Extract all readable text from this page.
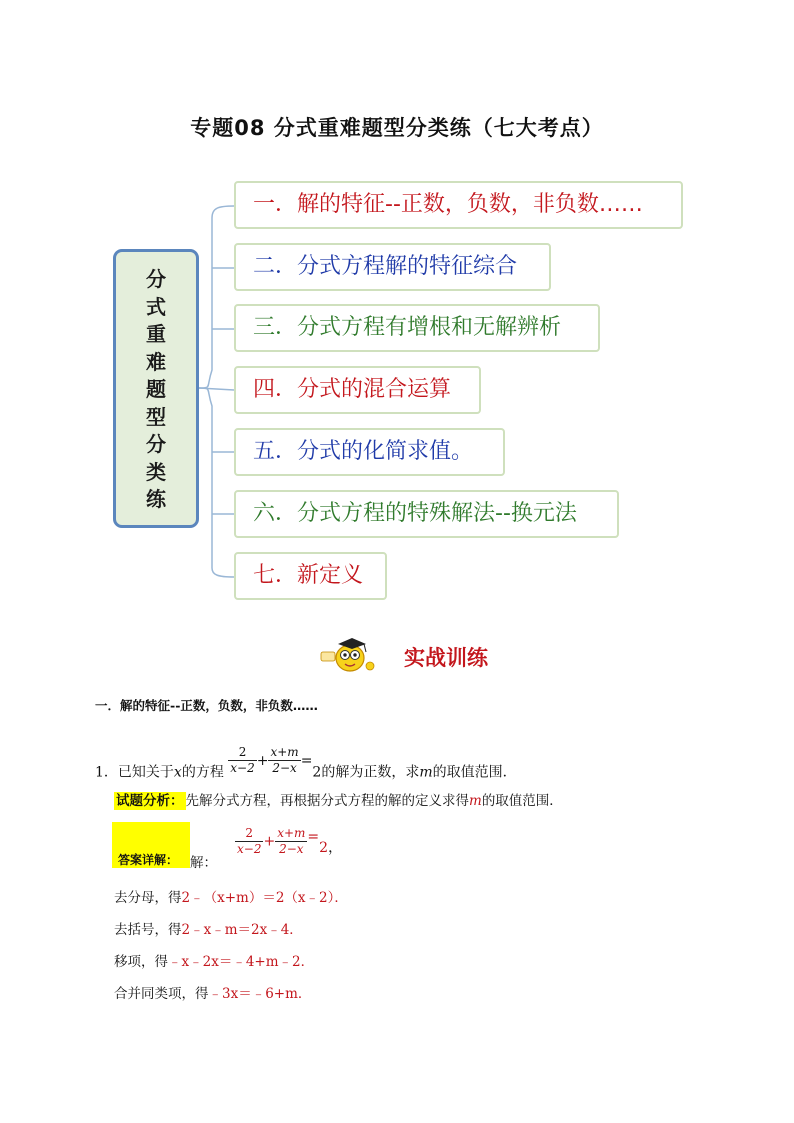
专题08 分式重难题型分类练（七大考点）
分
式
重
难
题
型
分
类
练
一．解的特征--正数，负数，非负数……
二．分式方程解的特征综合
三．分式方程有增根和无解辨析
四．分式的混合运算
五．分式的化简求值。
六．分式方程的特殊解法--换元法
七．新定义
实战训练
一．解的特征--正数，负数，非负数……
1．已知关于x的方程 $\frac{2}{x-2} + \frac{x+m}{2-x} =2$的解为正数，求m的取值范围．
试题分析： 先解分式方程，再根据分式方程的解的定义求得m的取值范围．
答案详解： 解：
$\frac{2}{x-2} + \frac{x+m}{2-x} =2$，
去分母，得2﹣（x+m）＝2（x﹣2）．
去括号，得2﹣x﹣m＝2x﹣4．
移项，得﹣x﹣2x＝﹣4+m﹣2．
合并同类项，得﹣3x＝﹣6+m．
